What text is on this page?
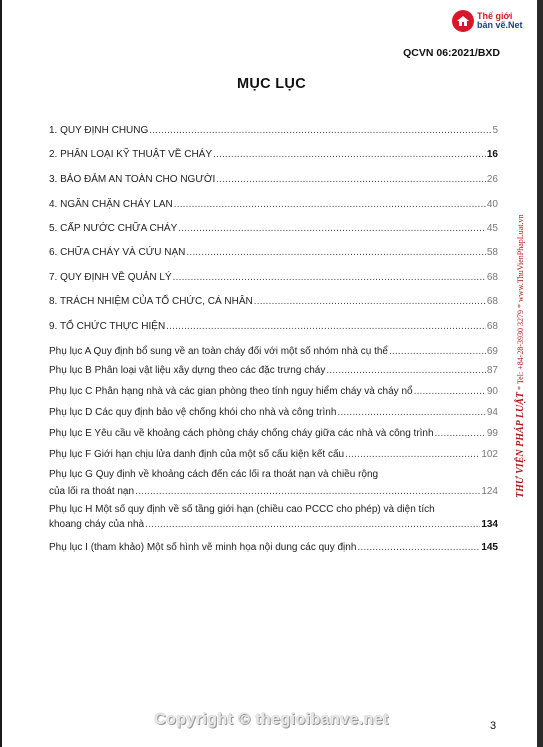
Thế giới
bản vẽ.Net
QCVN 06:2021/BXD
MỤC LỤC
1. QUY ĐỊNH CHUNG .....	5
2. PHÂN LOẠI KỸ THUẬT VỀ CHÁY .....	16
3. BẢO ĐẢM AN TOÀN CHO NGƯỜI .....	26
4. NGĂN CHẶN CHÁY LAN .....	40
5. CẤP NƯỚC CHỮA CHÁY .....	45
6. CHỮA CHÁY VÀ CỨU NẠN .....	58
7. QUY ĐỊNH VỀ QUẢN LÝ .....	68
8. TRÁCH NHIỆM CỦA TỔ CHỨC, CÁ NHÂN .....	68
9. TỔ CHỨC THỰC HIỆN .....	68
Phụ lục A Quy định bổ sung về an toàn cháy đối với một số nhóm nhà cụ thể .....	69
Phụ lục B Phân loại vật liệu xây dựng theo các đặc trưng cháy .....	87
Phụ lục C Phân hạng nhà và các gian phòng theo tính nguy hiểm cháy và cháy nổ .....	90
Phụ lục D Các quy định bảo vệ chống khói cho nhà và công trình .....	94
Phụ lục E Yêu cầu về khoảng cách phòng cháy chống cháy giữa các nhà và công trình .....	99
Phụ lục F Giới hạn chịu lửa danh định của một số cấu kiện kết cấu .....	102
Phụ lục G Quy định về khoảng cách đến các lối ra thoát nạn và chiều rộng
của lối ra thoát nạn .....	124
Phụ lục H Một số quy định về số tầng giới hạn (chiều cao PCCC cho phép) và diện tích
khoang cháy của nhà .....	134
Phụ lục I (tham khảo) Một số hình vẽ minh họa nội dung các quy định .....	145
THƯ VIỆN PHÁP LUẬT * Tel: +84-28-3930 3279 * www.ThuVienPhapLuat.vn
Copyright © thegioibanve.net	3
